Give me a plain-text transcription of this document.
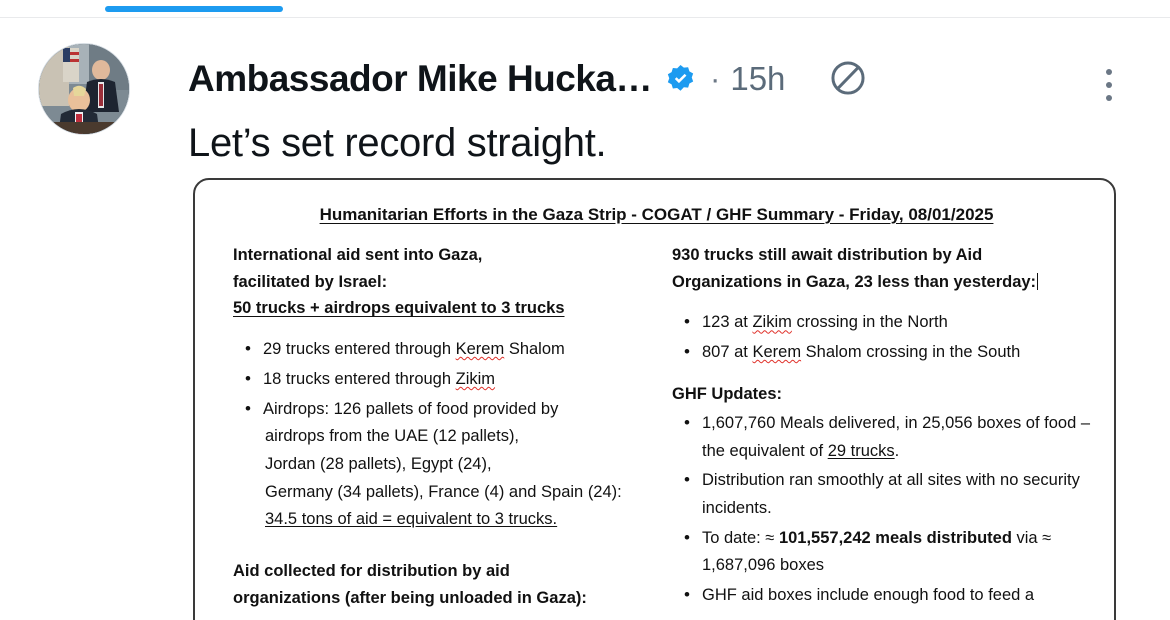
Ambassador Mike Hucka… · 15h
Let’s set record straight.
Humanitarian Efforts in the Gaza Strip - COGAT / GHF Summary - Friday, 08/01/2025
International aid sent into Gaza,
facilitated by Israel:
50 trucks + airdrops equivalent to 3 trucks
• 29 trucks entered through Kerem Shalom
• 18 trucks entered through Zikim
• Airdrops: 126 pallets of food provided by
airdrops from the UAE (12 pallets),
Jordan (28 pallets), Egypt (24),
Germany (34 pallets), France (4) and Spain (24):
34.5 tons of aid = equivalent to 3 trucks.
Aid collected for distribution by aid
organizations (after being unloaded in Gaza):
930 trucks still await distribution by Aid
Organizations in Gaza, 23 less than yesterday:
• 123 at Zikim crossing in the North
• 807 at Kerem Shalom crossing in the South
GHF Updates:
• 1,607,760 Meals delivered, in 25,056 boxes of food – the equivalent of 29 trucks.
• Distribution ran smoothly at all sites with no security incidents.
• To date: ≈ 101,557,242 meals distributed via ≈ 1,687,096 boxes
• GHF aid boxes include enough food to feed a
